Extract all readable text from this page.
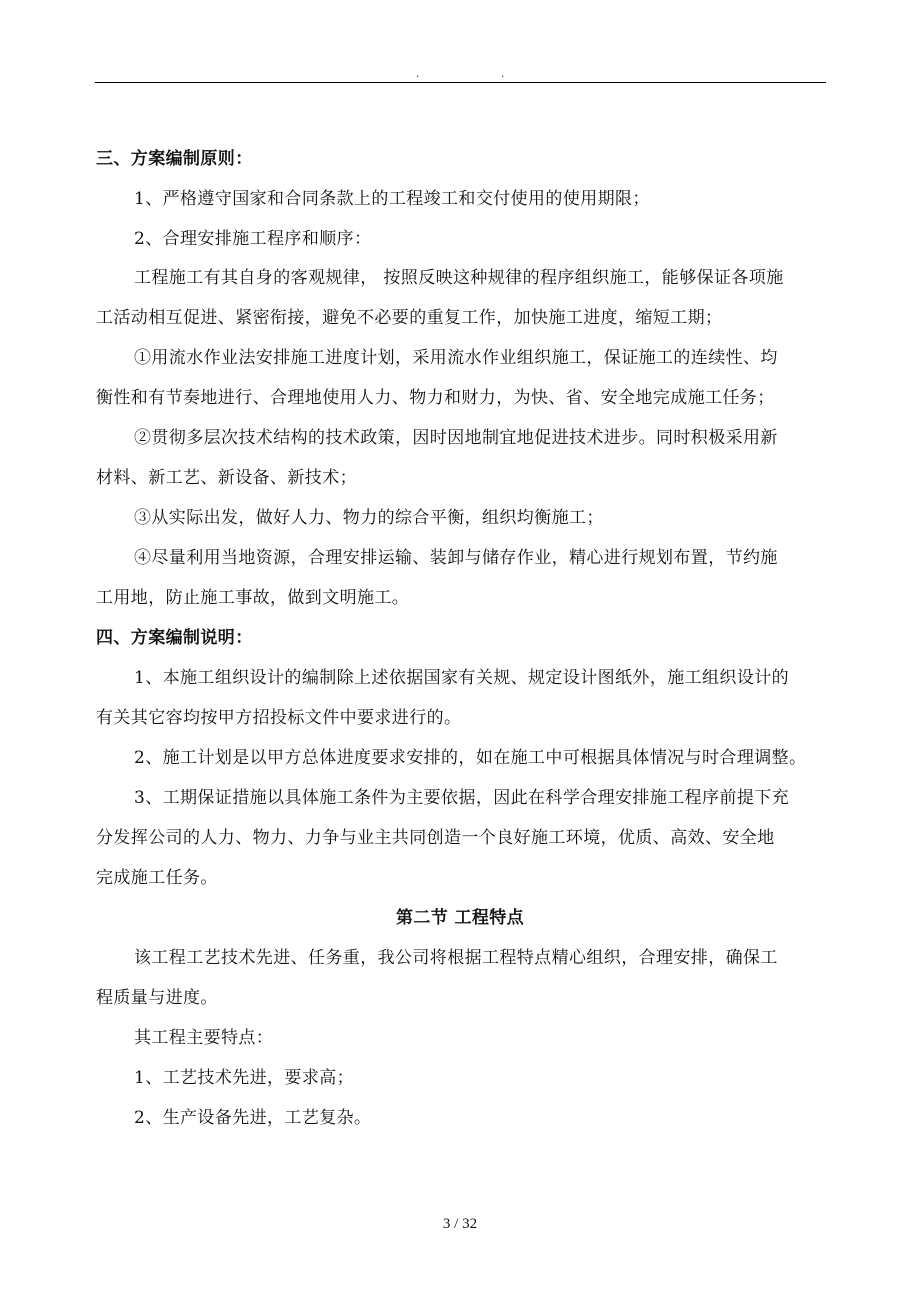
.	.
三、方案编制原则：
1、严格遵守国家和合同条款上的工程竣工和交付使用的使用期限；
2、合理安排施工程序和顺序：
工程施工有其自身的客观规律， 按照反映这种规律的程序组织施工，能够保证各项施
工活动相互促进、紧密衔接，避免不必要的重复工作，加快施工进度，缩短工期；
①用流水作业法安排施工进度计划，采用流水作业组织施工，保证施工的连续性、均
衡性和有节奏地进行、合理地使用人力、物力和财力，为快、省、安全地完成施工任务；
②贯彻多层次技术结构的技术政策，因时因地制宜地促进技术进步。同时积极采用新
材料、新工艺、新设备、新技术；
③从实际出发，做好人力、物力的综合平衡，组织均衡施工；
④尽量利用当地资源，合理安排运输、装卸与储存作业，精心进行规划布置，节约施
工用地，防止施工事故，做到文明施工。
四、方案编制说明：
1、本施工组织设计的编制除上述依据国家有关规、规定设计图纸外，施工组织设计的
有关其它容均按甲方招投标文件中要求进行的。
2、施工计划是以甲方总体进度要求安排的，如在施工中可根据具体情况与时合理调整。
3、工期保证措施以具体施工条件为主要依据，因此在科学合理安排施工程序前提下充
分发挥公司的人力、物力、力争与业主共同创造一个良好施工环境，优质、高效、安全地
完成施工任务。
第二节 工程特点
该工程工艺技术先进、任务重，我公司将根据工程特点精心组织，合理安排，确保工
程质量与进度。
其工程主要特点：
1、工艺技术先进，要求高；
2、生产设备先进，工艺复杂。
3 / 32
